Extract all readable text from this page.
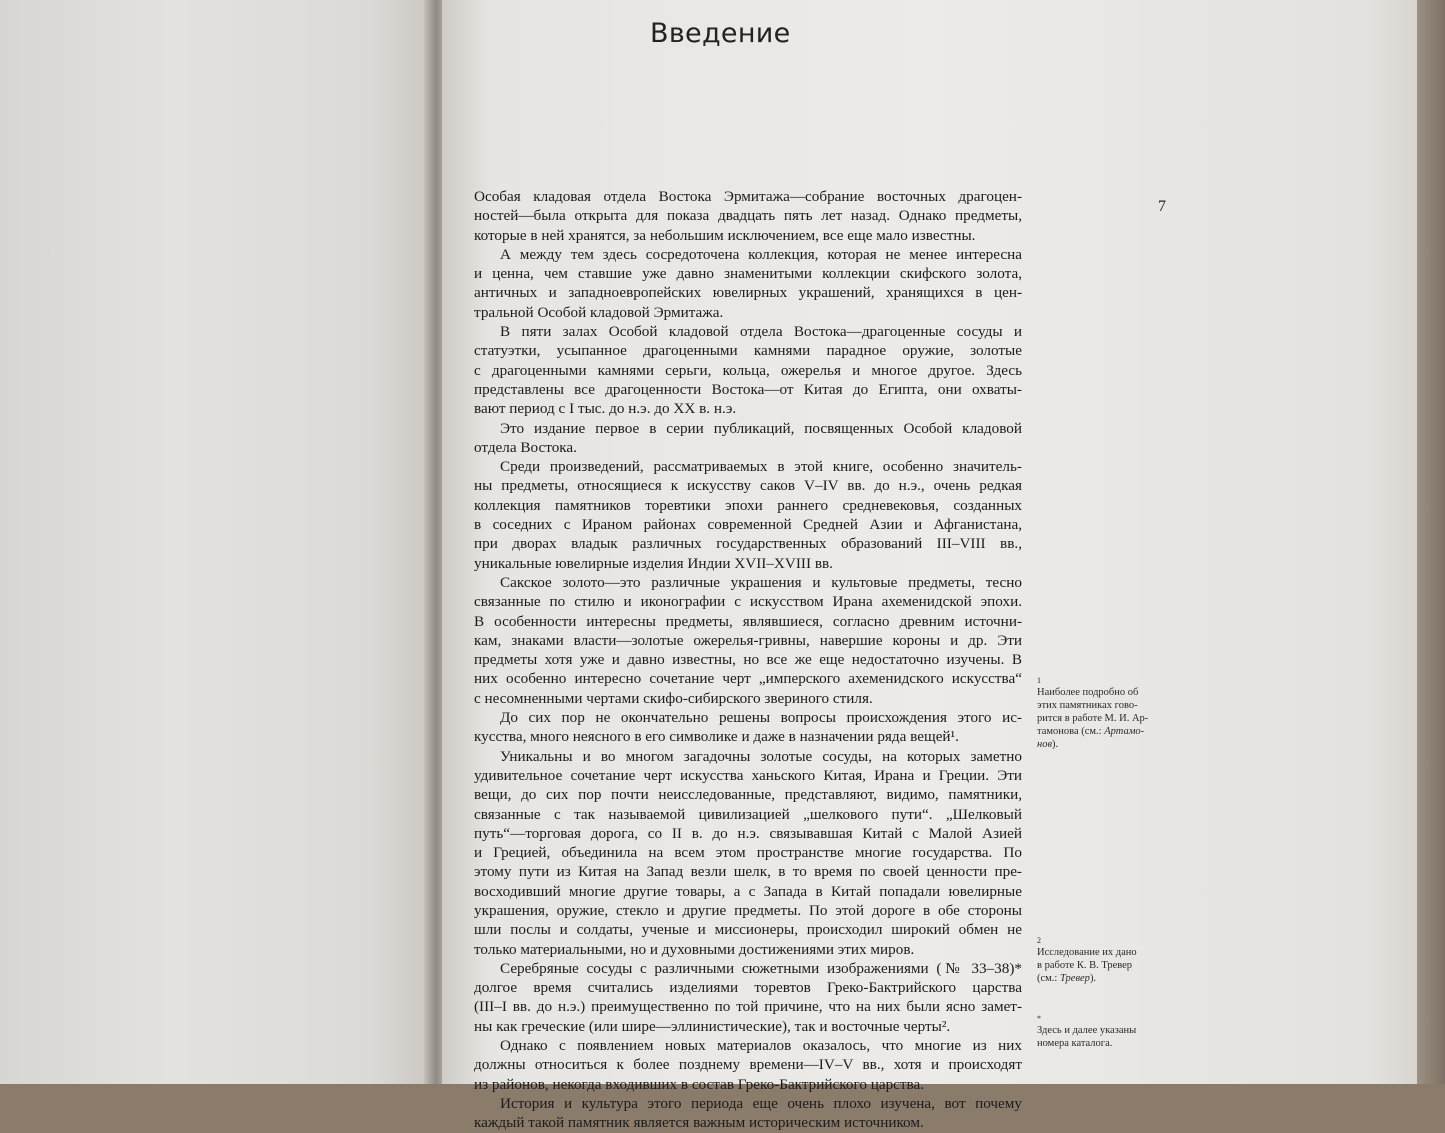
Введение
7
Особая кладовая отдела Востока Эрмитажа—собрание восточных драгоцен-
ностей—была открыта для показа двадцать пять лет назад. Однако предметы,
которые в ней хранятся, за небольшим исключением, все еще мало известны.
А между тем здесь сосредоточена коллекция, которая не менее интересна
и ценна, чем ставшие уже давно знаменитыми коллекции скифского золота,
античных и западноевропейских ювелирных украшений, хранящихся в цен-
тральной Особой кладовой Эрмитажа.
В пяти залах Особой кладовой отдела Востока—драгоценные сосуды и
статуэтки, усыпанное драгоценными камнями парадное оружие, золотые
с драгоценными камнями серьги, кольца, ожерелья и многое другое. Здесь
представлены все драгоценности Востока—от Китая до Египта, они охваты-
вают период с I тыс. до н.э. до XX в. н.э.
Это издание первое в серии публикаций, посвященных Особой кладовой
отдела Востока.
Среди произведений, рассматриваемых в этой книге, особенно значитель-
ны предметы, относящиеся к искусству саков V–IV вв. до н.э., очень редкая
коллекция памятников торевтики эпохи раннего средневековья, созданных
в соседних с Ираном районах современной Средней Азии и Афганистана,
при дворах владык различных государственных образований III–VIII вв.,
уникальные ювелирные изделия Индии XVII–XVIII вв.
Сакское золото—это различные украшения и культовые предметы, тесно
связанные по стилю и иконографии с искусством Ирана ахеменидской эпохи.
В особенности интересны предметы, являвшиеся, согласно древним источни-
кам, знаками власти—золотые ожерелья-гривны, навершие короны и др. Эти
предметы хотя уже и давно известны, но все же еще недостаточно изучены. В
них особенно интересно сочетание черт „имперского ахеменидского искусства“
с несомненными чертами скифо-сибирского звериного стиля.
До сих пор не окончательно решены вопросы происхождения этого ис-
кусства, много неясного в его символике и даже в назначении ряда вещей¹.
Уникальны и во многом загадочны золотые сосуды, на которых заметно
удивительное сочетание черт искусства ханьского Китая, Ирана и Греции. Эти
вещи, до сих пор почти неисследованные, представляют, видимо, памятники,
связанные с так называемой цивилизацией „шелкового пути“. „Шелковый
путь“—торговая дорога, со II в. до н.э. связывавшая Китай с Малой Азией
и Грецией, объединила на всем этом пространстве многие государства. По
этому пути из Китая на Запад везли шелк, в то время по своей ценности пре-
восходивший многие другие товары, а с Запада в Китай попадали ювелирные
украшения, оружие, стекло и другие предметы. По этой дороге в обе стороны
шли послы и солдаты, ученые и миссионеры, происходил широкий обмен не
только материальными, но и духовными достижениями этих миров.
Серебряные сосуды с различными сюжетными изображениями (№ 33–38)*
долгое время считались изделиями торевтов Греко-Бактрийского царства
(III–I вв. до н.э.) преимущественно по той причине, что на них были ясно замет-
ны как греческие (или шире—эллинистические), так и восточные черты².
Однако с появлением новых материалов оказалось, что многие из них
должны относиться к более позднему времени—IV–V вв., хотя и происходят
из районов, некогда входивших в состав Греко-Бактрийского царства.
История и культура этого периода еще очень плохо изучена, вот почему
каждый такой памятник является важным историческим источником.
1
Наиболее подробно об
этих памятниках гово-
рится в работе М. И. Ар-
тамонова (см.: Артамо-
нов).
2
Исследование их дано
в работе К. В. Тревер
(см.: Тревер).
*
Здесь и далее указаны
номера каталога.
